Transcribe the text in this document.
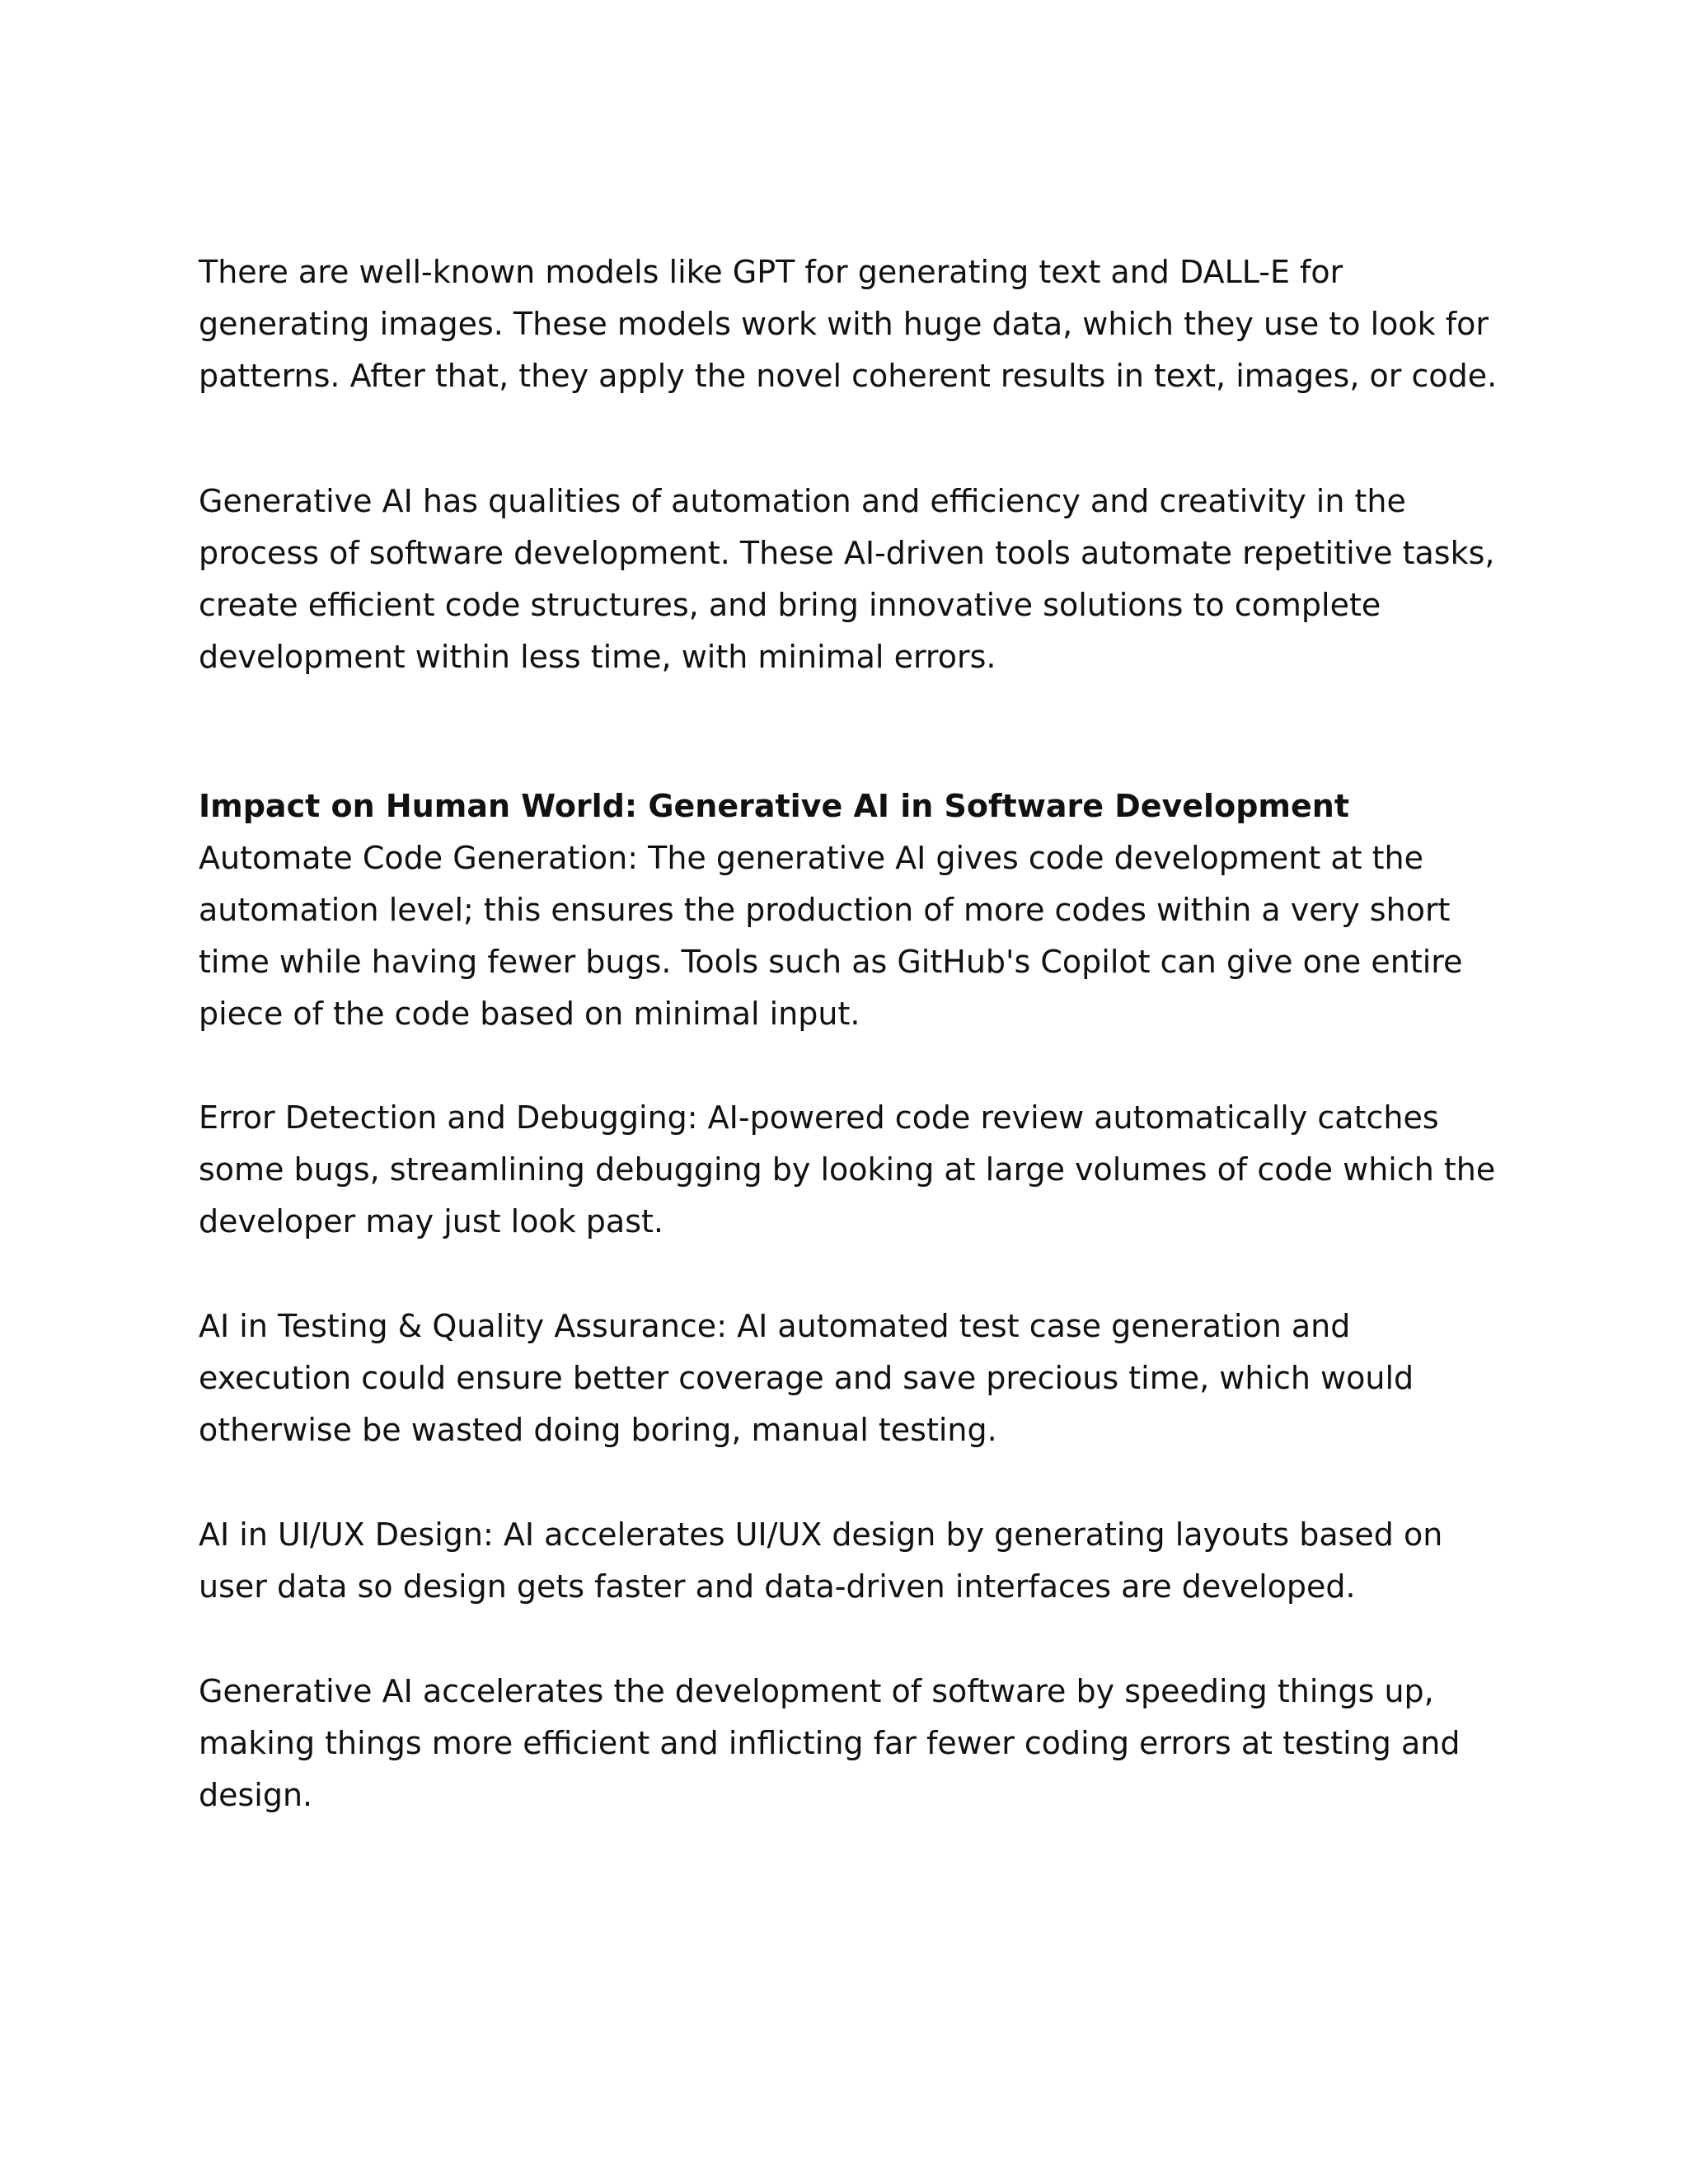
There are well-known models like GPT for generating text and DALL-E for
generating images. These models work with huge data, which they use to look for
patterns. After that, they apply the novel coherent results in text, images, or code.

Generative AI has qualities of automation and efficiency and creativity in the
process of software development. These AI-driven tools automate repetitive tasks,
create efficient code structures, and bring innovative solutions to complete
development within less time, with minimal errors.

Impact on Human World: Generative AI in Software Development
Automate Code Generation: The generative AI gives code development at the
automation level; this ensures the production of more codes within a very short
time while having fewer bugs. Tools such as GitHub's Copilot can give one entire
piece of the code based on minimal input.

Error Detection and Debugging: AI-powered code review automatically catches
some bugs, streamlining debugging by looking at large volumes of code which the
developer may just look past.

AI in Testing & Quality Assurance: AI automated test case generation and
execution could ensure better coverage and save precious time, which would
otherwise be wasted doing boring, manual testing.

AI in UI/UX Design: AI accelerates UI/UX design by generating layouts based on
user data so design gets faster and data-driven interfaces are developed.

Generative AI accelerates the development of software by speeding things up,
making things more efficient and inflicting far fewer coding errors at testing and
design.
